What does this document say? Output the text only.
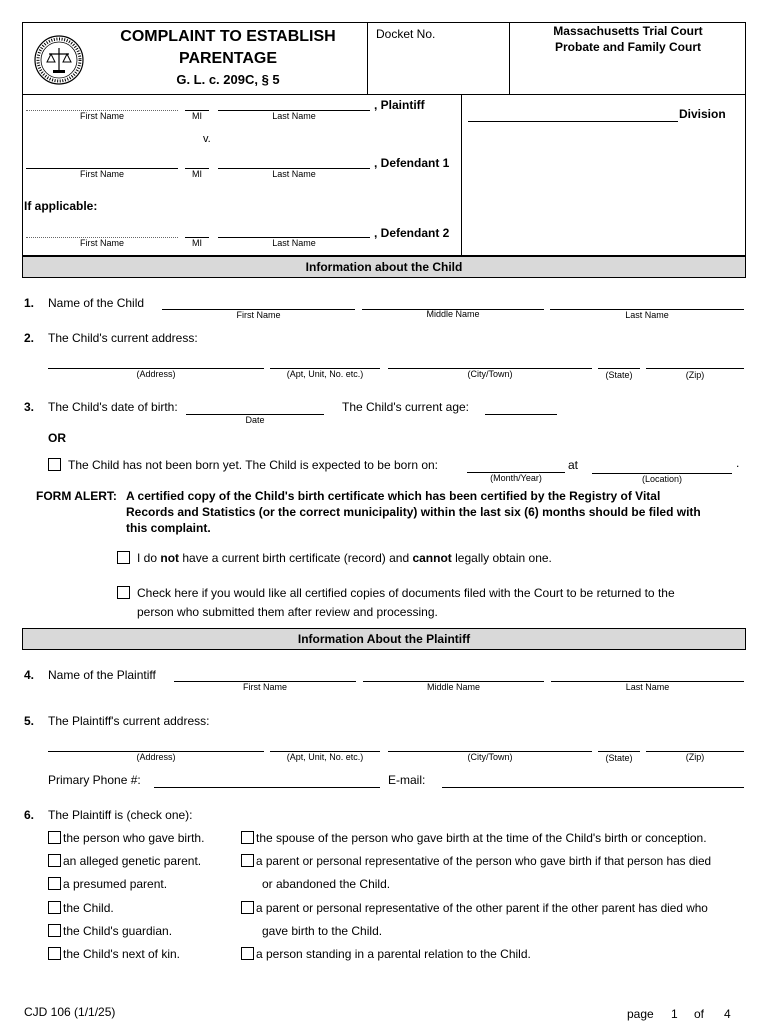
COMPLAINT TO ESTABLISH
PARENTAGE
G. L. c. 209C, § 5
Docket No.	Massachusetts Trial Court
Probate and Family Court
First Name	MI	Last Name
, Plaintiff
v.
First Name	MI	Last Name
, Defendant 1
If applicable:
First Name	MI	Last Name
, Defendant 2
Division
Information about the Child
1. Name of the Child
First Name	Middle Name	Last Name
2. The Child's current address:
(Address)	(Apt, Unit, No. etc.)	(City/Town)	(State)	(Zip)
3. The Child's date of birth:
Date
The Child's current age:
OR
The Child has not been born yet. The Child is expected to be born on:
(Month/Year)
at
(Location)
.
FORM ALERT: A certified copy of the Child's birth certificate which has been certified by the Registry of Vital
Records and Statistics (or the correct municipality) within the last six (6) months should be filed with
this complaint.
I do not have a current birth certificate (record) and cannot legally obtain one.
Check here if you would like all certified copies of documents filed with the Court to be returned to the
person who submitted them after review and processing.
Information About the Plaintiff
4. Name of the Plaintiff
First Name	Middle Name	Last Name
5. The Plaintiff's current address:
(Address)	(Apt, Unit, No. etc.)	(City/Town)	(State)	(Zip)
Primary Phone #:	E-mail:
6. The Plaintiff is (check one):
the person who gave birth.
an alleged genetic parent.
a presumed parent.
the Child.
the Child's guardian.
the Child's next of kin.
the spouse of the person who gave birth at the time of the Child's birth or conception.
a parent or personal representative of the person who gave birth if that person has died
or abandoned the Child.
a parent or personal representative of the other parent if the other parent has died who
gave birth to the Child.
a person standing in a parental relation to the Child.
CJD 106 (1/1/25)	page 1 of 4
